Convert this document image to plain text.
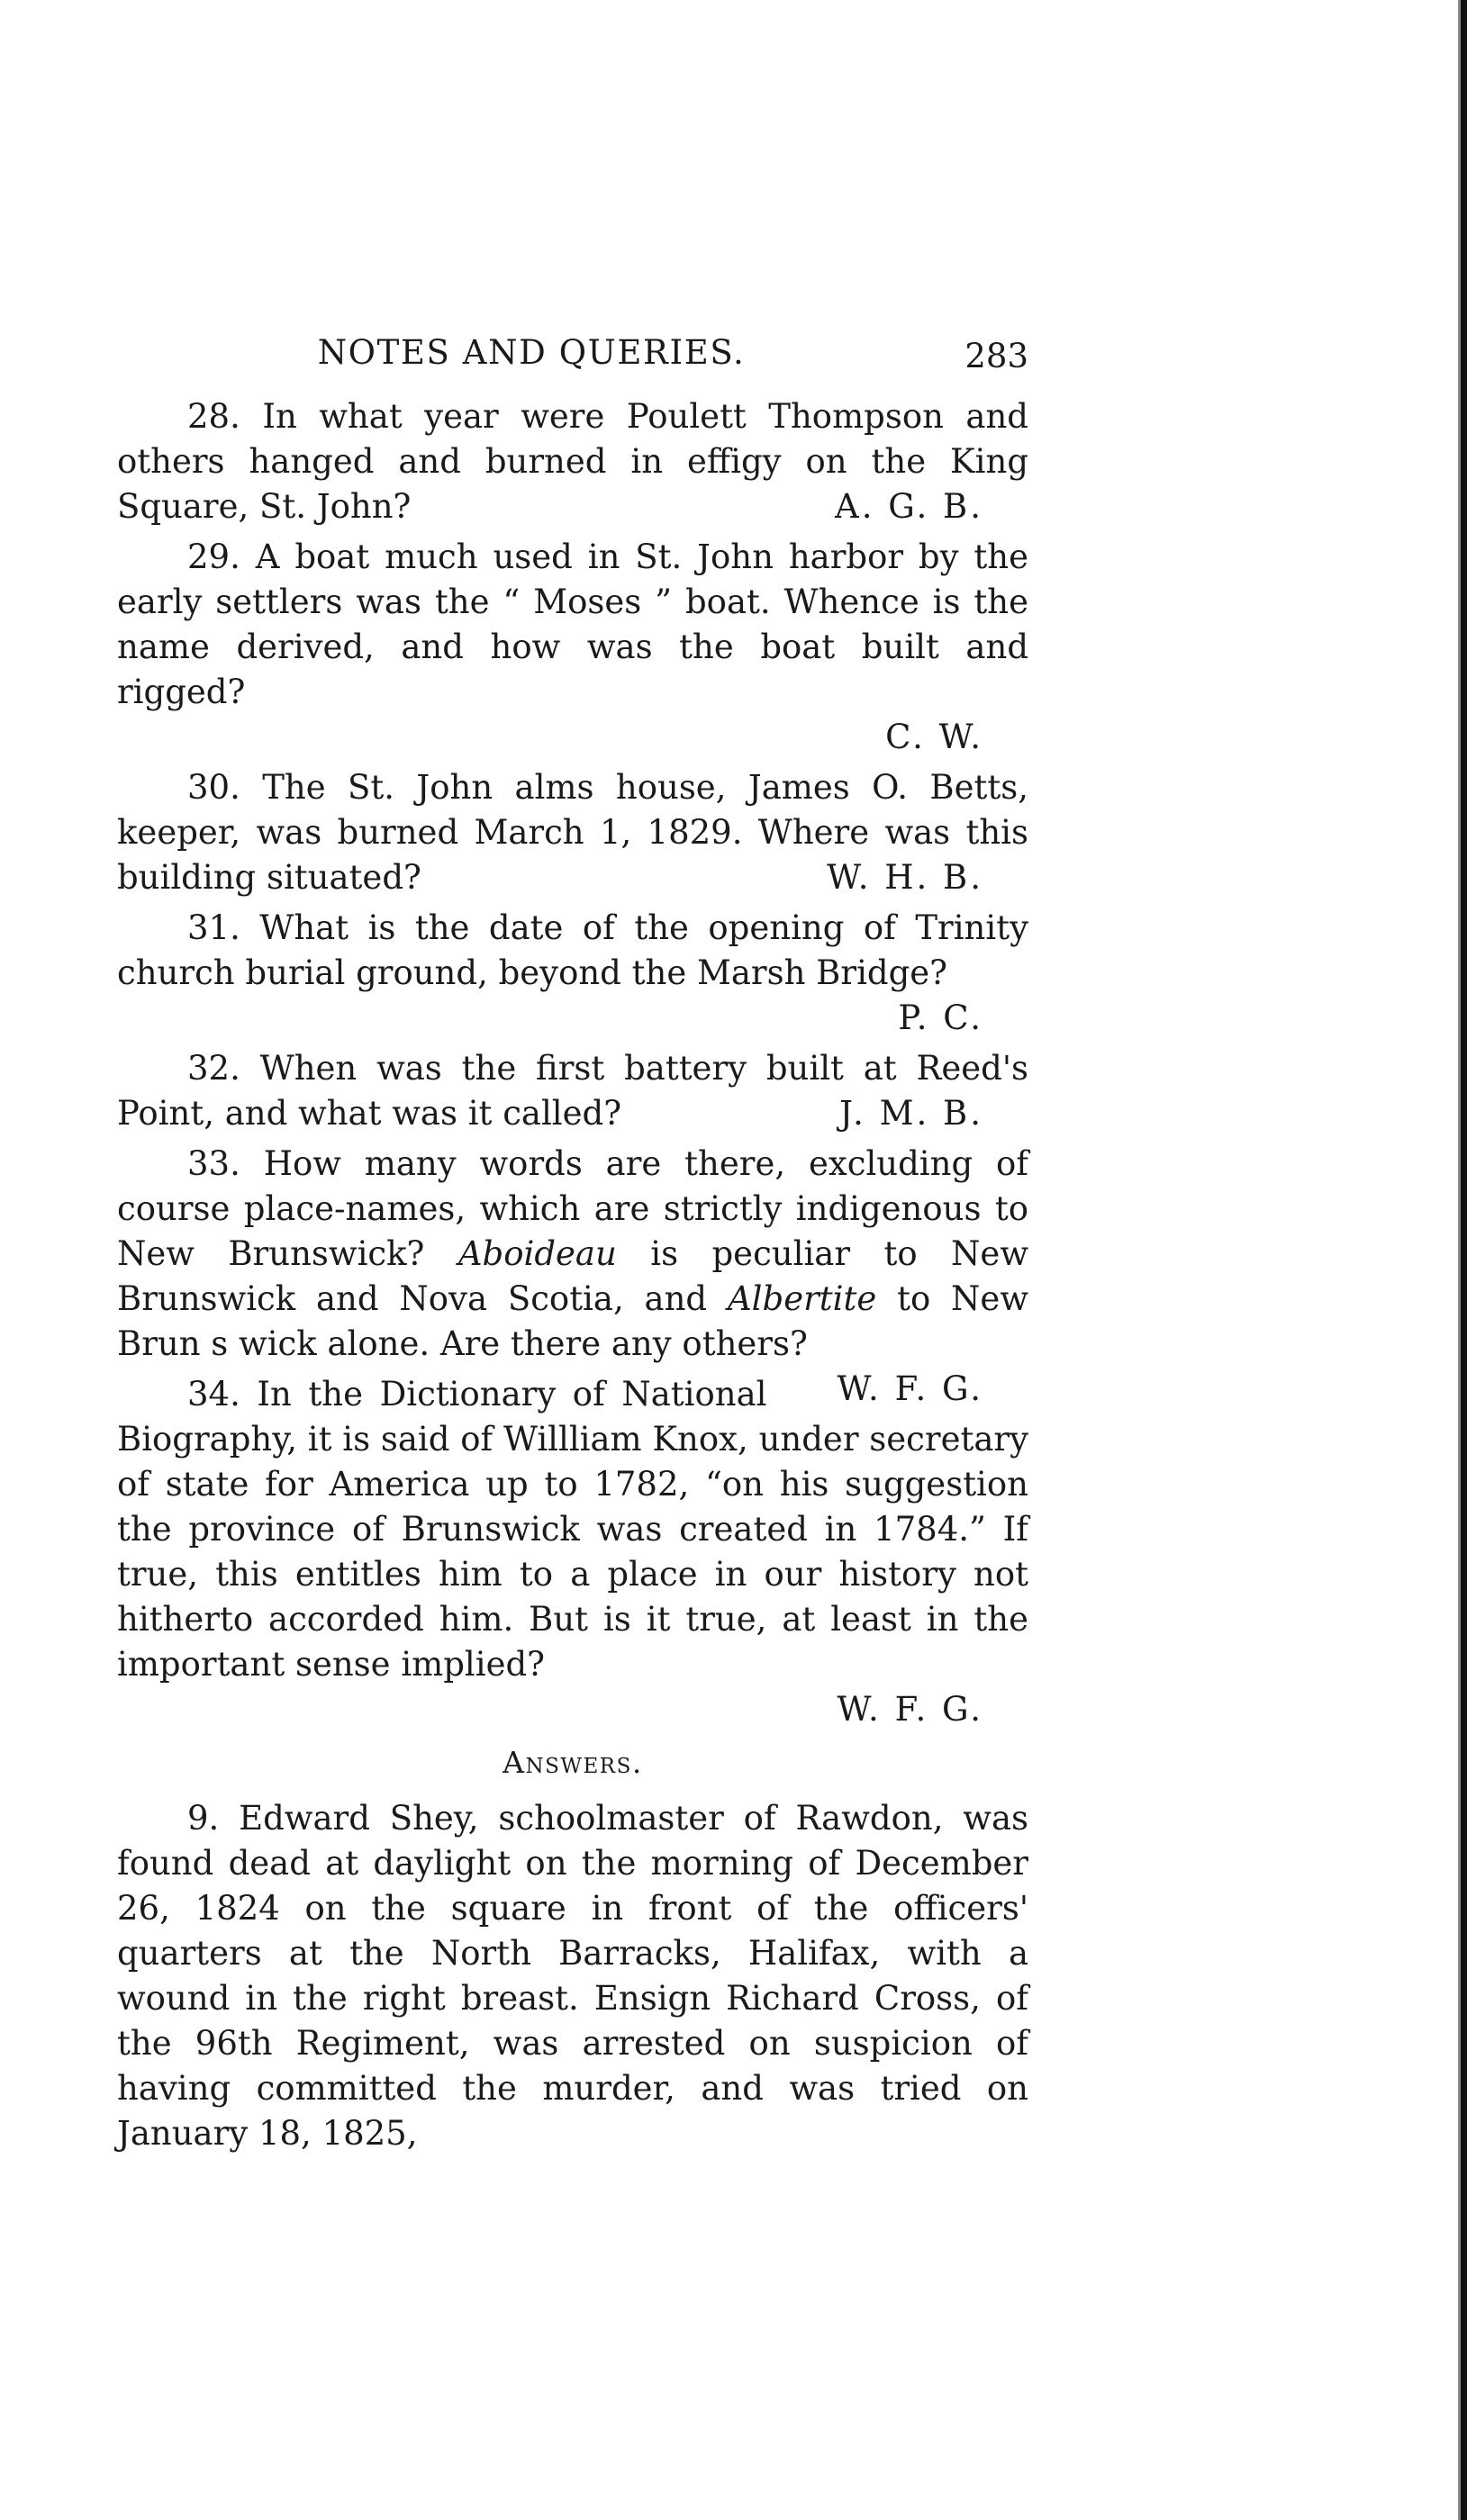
NOTES AND QUERIES.	283
28. In what year were Poulett Thompson and others hanged and burned in effigy on the King Square, St. John?	A. G. B.
29. A boat much used in St. John harbor by the early settlers was the “ Moses ” boat. Whence is the name derived, and how was the boat built and rigged?
C. W.
30. The St. John alms house, James O. Betts, keeper, was burned March 1, 1829. Where was this building situated?	W. H. B.
31. What is the date of the opening of Trinity church burial ground, beyond the Marsh Bridge?
P. C.
32. When was the first battery built at Reed's Point, and what was it called?	J. M. B.
33. How many words are there, excluding of course place-names, which are strictly indigenous to New Brunswick? Aboideau is peculiar to New Brunswick and Nova Scotia, and Albertite to New Brun s wick alone. Are there any others?
W. F. G.
34. In the Dictionary of National Biography, it is said of Willliam Knox, under secretary of state for America up to 1782, “on his suggestion the province of Brunswick was created in 1784.” If true, this entitles him to a place in our history not hitherto accorded him. But is it true, at least in the important sense implied?
W. F. G.
Answers.
9. Edward Shey, schoolmaster of Rawdon, was found dead at daylight on the morning of December 26, 1824 on the square in front of the officers' quarters at the North Barracks, Halifax, with a wound in the right breast. Ensign Richard Cross, of the 96th Regiment, was arrested on suspicion of having committed the murder, and was tried on January 18, 1825,
